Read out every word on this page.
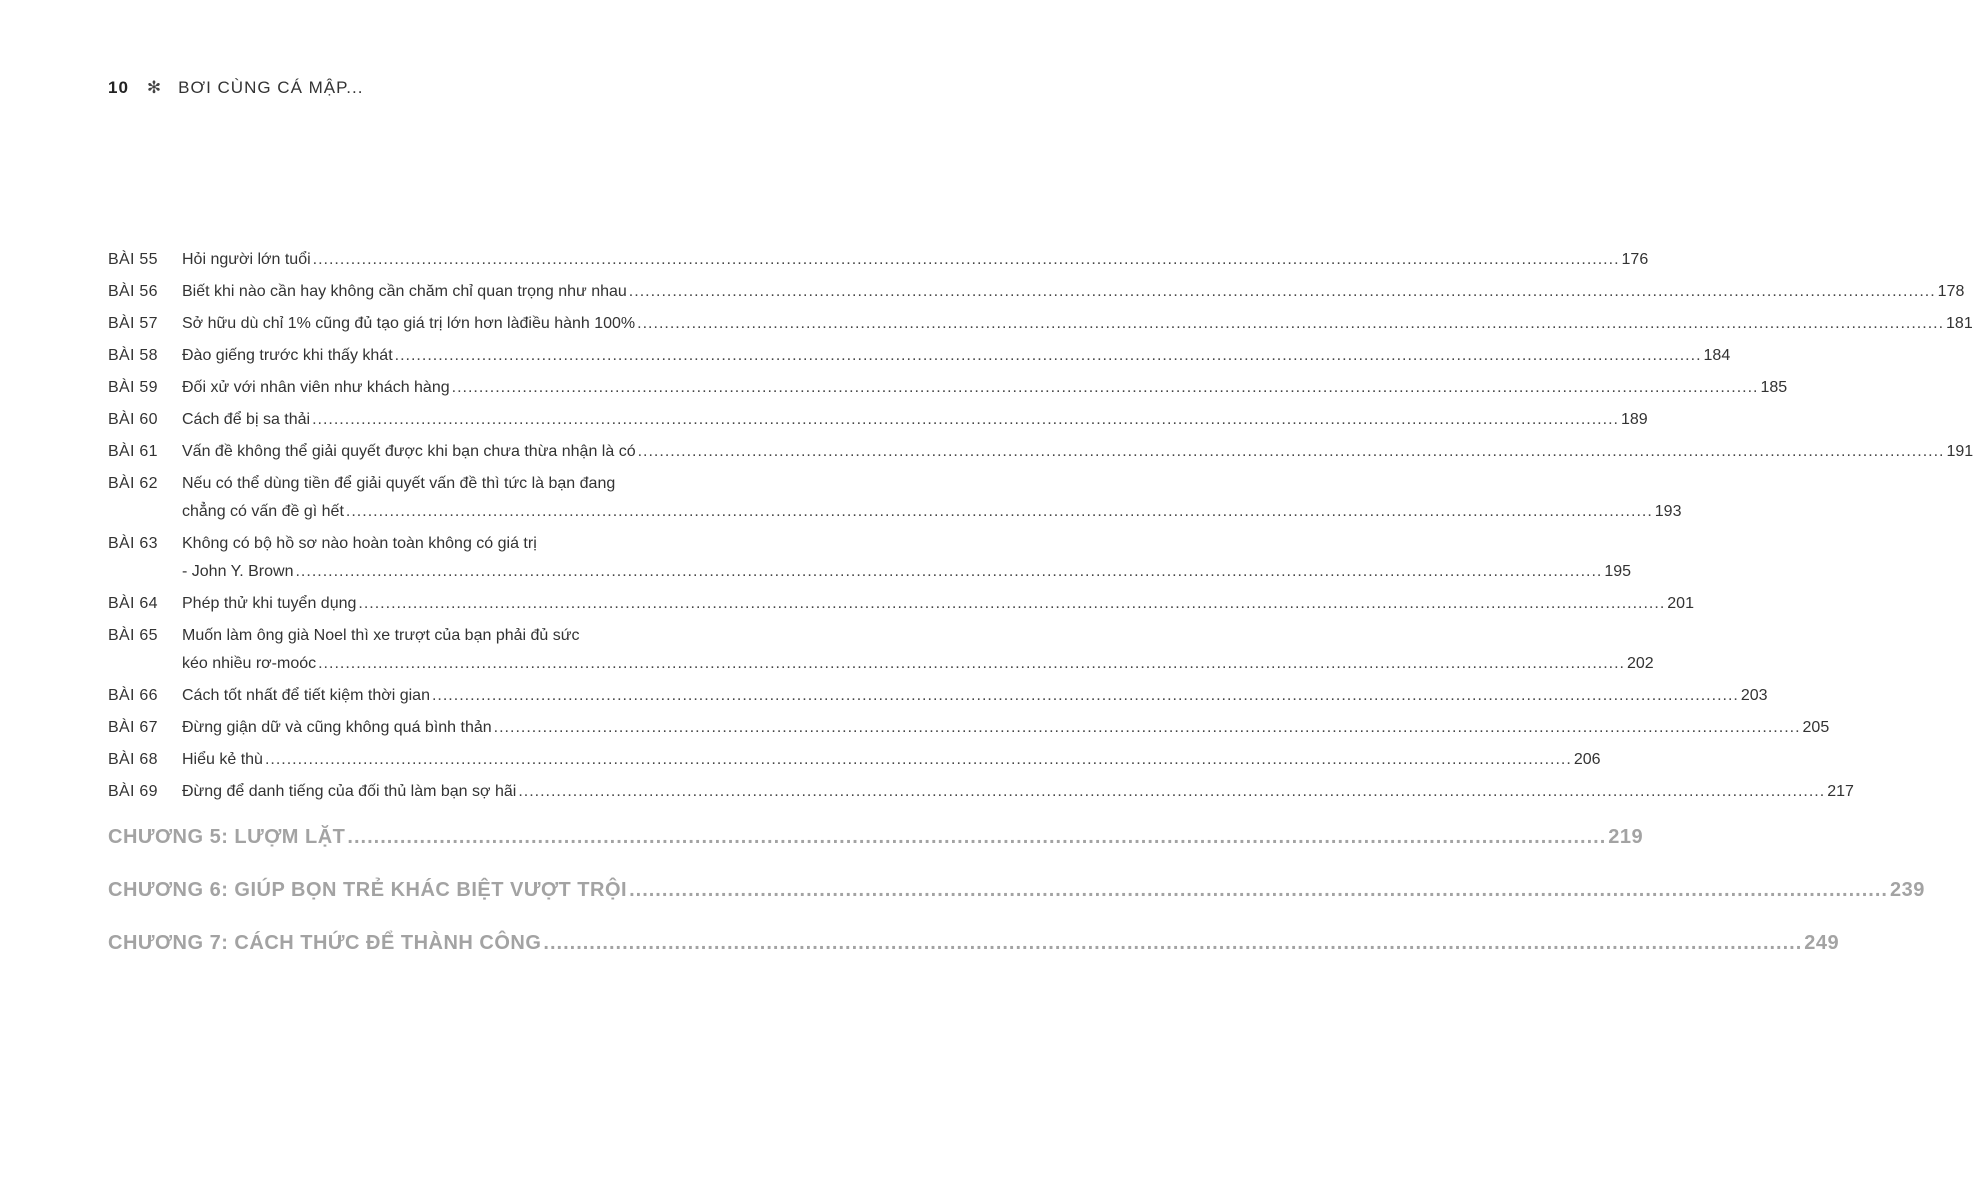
10 ✻ BƠI CÙNG CÁ MẬP...
BÀI 55	Hỏi người lớn tuổi .....	176
BÀI 56	Biết khi nào cần hay không cần chăm chỉ quan trọng như nhau .....	178
BÀI 57	Sở hữu dù chỉ 1% cũng đủ tạo giá trị lớn hơn làđiều hành 100% .....	181
BÀI 58	Đào giếng trước khi thấy khát .....	184
BÀI 59	Đối xử với nhân viên như khách hàng .....	185
BÀI 60	Cách để bị sa thải .....	189
BÀI 61	Vấn đề không thể giải quyết được khi bạn chưa thừa nhận là có .....	191
BÀI 62	Nếu có thể dùng tiền để giải quyết vấn đề thì tức là bạn đang
chẳng có vấn đề gì hết .....	193
BÀI 63	Không có bộ hồ sơ nào hoàn toàn không có giá trị
- John Y. Brown .....	195
BÀI 64	Phép thử khi tuyển dụng .....	201
BÀI 65	Muốn làm ông già Noel thì xe trượt của bạn phải đủ sức
kéo nhiều rơ-moóc .....	202
BÀI 66	Cách tốt nhất để tiết kiệm thời gian .....	203
BÀI 67	Đừng giận dữ và cũng không quá bình thản .....	205
BÀI 68	Hiểu kẻ thù .....	206
BÀI 69	Đừng để danh tiếng của đối thủ làm bạn sợ hãi .....	217
CHƯƠNG 5: LƯỢM LẶT .....	219
CHƯƠNG 6: GIÚP BỌN TRẺ KHÁC BIỆT VƯỢT TRỘI .....	239
CHƯƠNG 7: CÁCH THỨC ĐỂ THÀNH CÔNG .....	249
